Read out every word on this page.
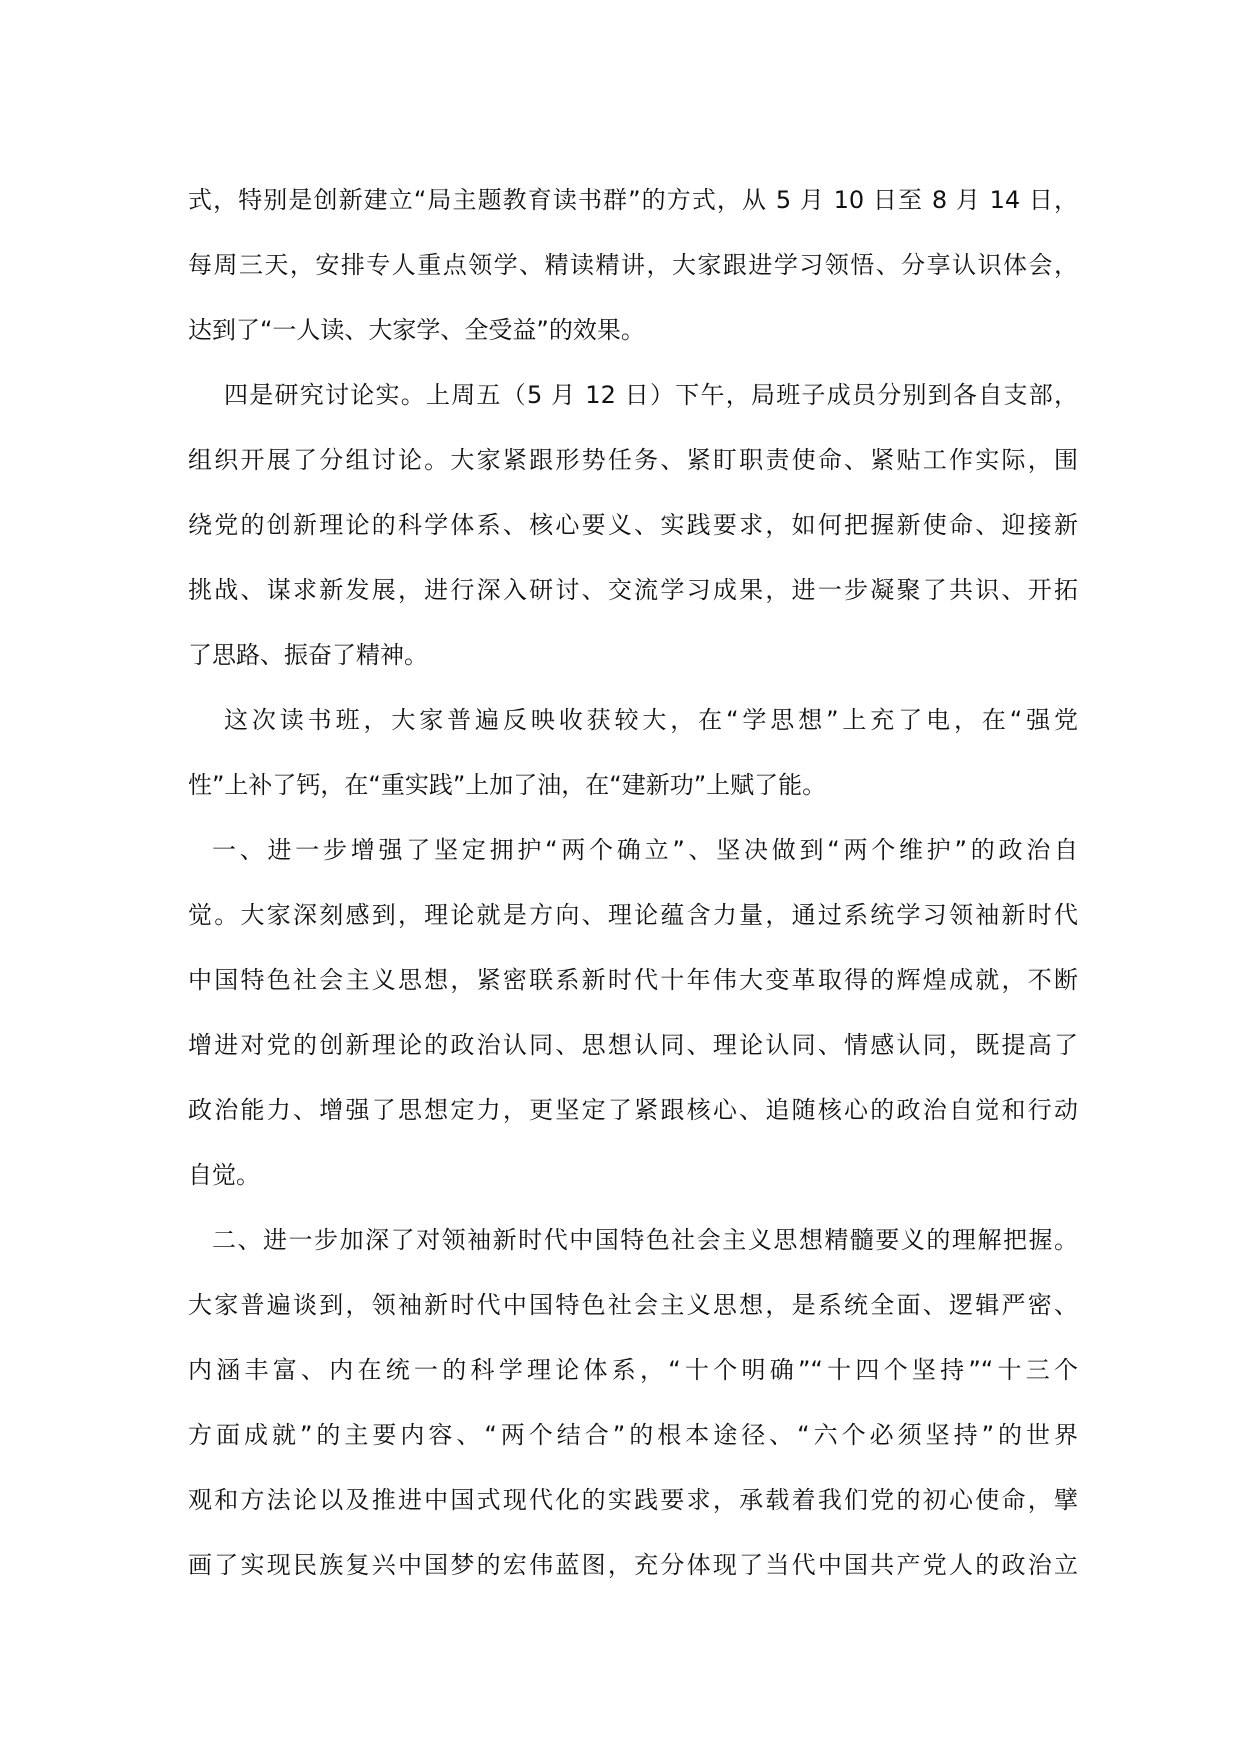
式，特别是创新建立“局主题教育读书群”的方式，从 5 月 10 日至 8 月 14 日，
每周三天，安排专人重点领学、精读精讲，大家跟进学习领悟、分享认识体会，
达到了“一人读、大家学、全受益”的效果。
四是研究讨论实。上周五（5 月 12 日）下午，局班子成员分别到各自支部，
组织开展了分组讨论。大家紧跟形势任务、紧盯职责使命、紧贴工作实际，围
绕党的创新理论的科学体系、核心要义、实践要求，如何把握新使命、迎接新
挑战、谋求新发展，进行深入研讨、交流学习成果，进一步凝聚了共识、开拓
了思路、振奋了精神。
这次读书班，大家普遍反映收获较大，在“学思想”上充了电，在“强党
性”上补了钙，在“重实践”上加了油，在“建新功”上赋了能。
一、进一步增强了坚定拥护“两个确立”、坚决做到“两个维护”的政治自
觉。大家深刻感到，理论就是方向、理论蕴含力量，通过系统学习领袖新时代
中国特色社会主义思想，紧密联系新时代十年伟大变革取得的辉煌成就，不断
增进对党的创新理论的政治认同、思想认同、理论认同、情感认同，既提高了
政治能力、增强了思想定力，更坚定了紧跟核心、追随核心的政治自觉和行动
自觉。
二、进一步加深了对领袖新时代中国特色社会主义思想精髓要义的理解把握。
大家普遍谈到，领袖新时代中国特色社会主义思想，是系统全面、逻辑严密、
内涵丰富、内在统一的科学理论体系，“十个明确”“十四个坚持”“十三个
方面成就”的主要内容、“两个结合”的根本途径、“六个必须坚持”的世界
观和方法论以及推进中国式现代化的实践要求，承载着我们党的初心使命，擘
画了实现民族复兴中国梦的宏伟蓝图，充分体现了当代中国共产党人的政治立
